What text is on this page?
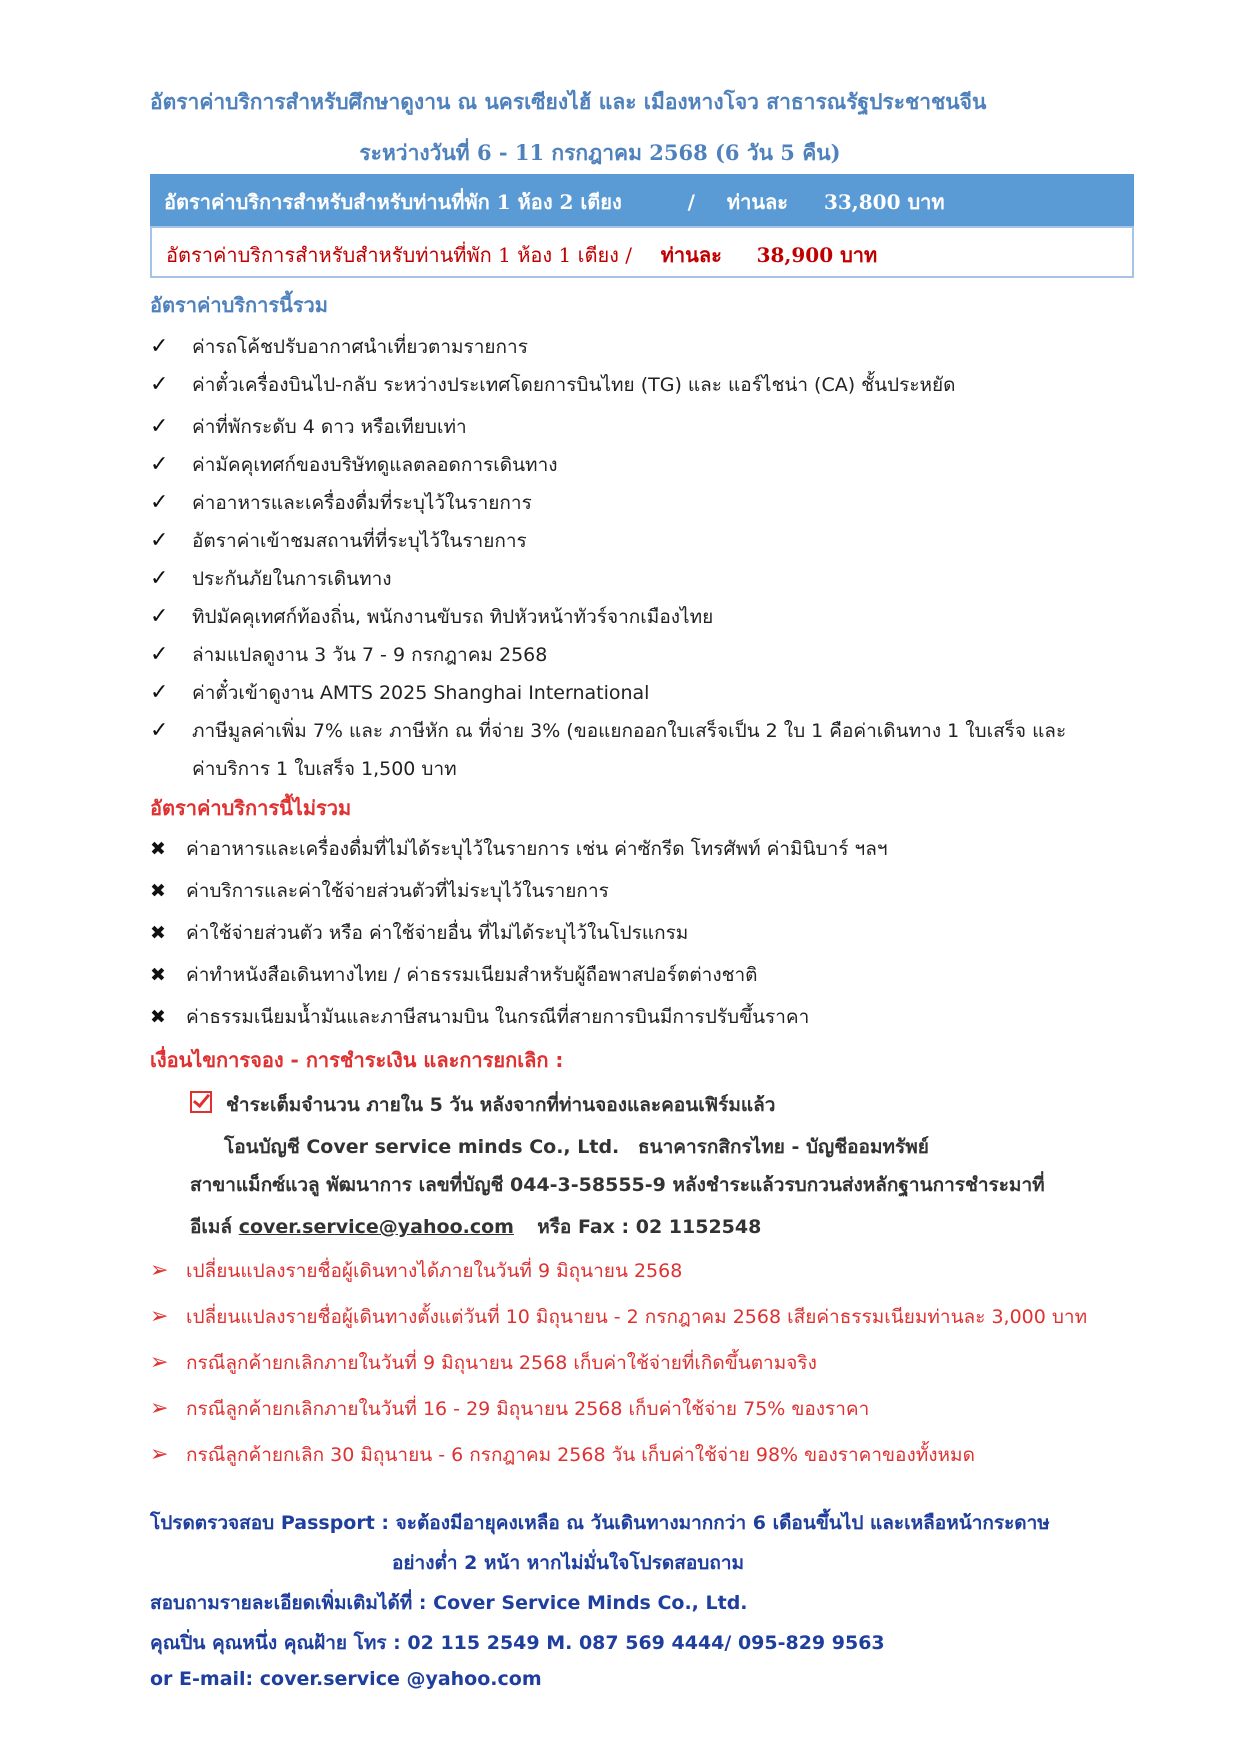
อัตราค่าบริการสำหรับศึกษาดูงาน ณ นครเซียงไฮ้ และ เมืองหางโจว สาธารณรัฐประชาชนจีน
ระหว่างวันที่ 6 - 11 กรกฎาคม 2568 (6 วัน 5 คืน)
อัตราค่าบริการสำหรับสำหรับท่านที่พัก 1 ห้อง 2 เตียง	/ ท่านละ 33,800 บาท
อัตราค่าบริการสำหรับสำหรับท่านที่พัก 1 ห้อง 1 เตียง / ท่านละ 38,900 บาท
อัตราค่าบริการนี้รวม
✓ ค่ารถโค้ชปรับอากาศนำเที่ยวตามรายการ
✓ ค่าตั๋วเครื่องบินไป-กลับ ระหว่างประเทศโดยการบินไทย (TG) และ แอร์ไชน่า (CA) ชั้นประหยัด
✓ ค่าที่พักระดับ 4 ดาว หรือเทียบเท่า
✓ ค่ามัคคุเทศก์ของบริษัทดูแลตลอดการเดินทาง
✓ ค่าอาหารและเครื่องดื่มที่ระบุไว้ในรายการ
✓ อัตราค่าเข้าชมสถานที่ที่ระบุไว้ในรายการ
✓ ประกันภัยในการเดินทาง
✓ ทิปมัคคุเทศก์ท้องถิ่น, พนักงานขับรถ ทิปหัวหน้าทัวร์จากเมืองไทย
✓ ล่ามแปลดูงาน 3 วัน 7 - 9 กรกฎาคม 2568
✓ ค่าตั๋วเข้าดูงาน AMTS 2025 Shanghai International
✓ ภาษีมูลค่าเพิ่ม 7% และ ภาษีหัก ณ ที่จ่าย 3% (ขอแยกออกใบเสร็จเป็น 2 ใบ 1 คือค่าเดินทาง 1 ใบเสร็จ และ
ค่าบริการ 1 ใบเสร็จ 1,500 บาท
อัตราค่าบริการนี้ไม่รวม
✖ ค่าอาหารและเครื่องดื่มที่ไม่ได้ระบุไว้ในรายการ เช่น ค่าซักรีด โทรศัพท์ ค่ามินิบาร์ ฯลฯ
✖ ค่าบริการและค่าใช้จ่ายส่วนตัวที่ไม่ระบุไว้ในรายการ
✖ ค่าใช้จ่ายส่วนตัว หรือ ค่าใช้จ่ายอื่น ที่ไม่ได้ระบุไว้ในโปรแกรม
✖ ค่าทำหนังสือเดินทางไทย / ค่าธรรมเนียมสำหรับผู้ถือพาสปอร์ตต่างชาติ
✖ ค่าธรรมเนียมน้ำมันและภาษีสนามบิน ในกรณีที่สายการบินมีการปรับขึ้นราคา
เงื่อนไขการจอง - การชำระเงิน และการยกเลิก :
ชำระเต็มจำนวน ภายใน 5 วัน หลังจากที่ท่านจองและคอนเฟิร์มแล้ว
โอนบัญชี Cover service minds Co., Ltd. ธนาคารกสิกรไทย - บัญชีออมทรัพย์
สาขาแม็กซ์แวลู พัฒนาการ เลขที่บัญชี 044-3-58555-9 หลังชำระแล้วรบกวนส่งหลักฐานการชำระมาที่
อีเมล์ cover.service@yahoo.com หรือ Fax : 02 1152548
➢ เปลี่ยนแปลงรายชื่อผู้เดินทางได้ภายในวันที่ 9 มิถุนายน 2568
➢ เปลี่ยนแปลงรายชื่อผู้เดินทางตั้งแต่วันที่ 10 มิถุนายน - 2 กรกฎาคม 2568 เสียค่าธรรมเนียมท่านละ 3,000 บาท
➢ กรณีลูกค้ายกเลิกภายในวันที่ 9 มิถุนายน 2568 เก็บค่าใช้จ่ายที่เกิดขึ้นตามจริง
➢ กรณีลูกค้ายกเลิกภายในวันที่ 16 - 29 มิถุนายน 2568 เก็บค่าใช้จ่าย 75% ของราคา
➢ กรณีลูกค้ายกเลิก 30 มิถุนายน - 6 กรกฎาคม 2568 วัน เก็บค่าใช้จ่าย 98% ของราคาของทั้งหมด
โปรดตรวจสอบ Passport : จะต้องมีอายุคงเหลือ ณ วันเดินทางมากกว่า 6 เดือนขึ้นไป และเหลือหน้ากระดาษ
อย่างต่ำ 2 หน้า หากไม่มั่นใจโปรดสอบถาม
สอบถามรายละเอียดเพิ่มเติมได้ที่ : Cover Service Minds Co., Ltd.
คุณปิ่น คุณหนึ่ง คุณฝ้าย โทร : 02 115 2549 M. 087 569 4444/ 095-829 9563
or E-mail: cover.service @yahoo.com
